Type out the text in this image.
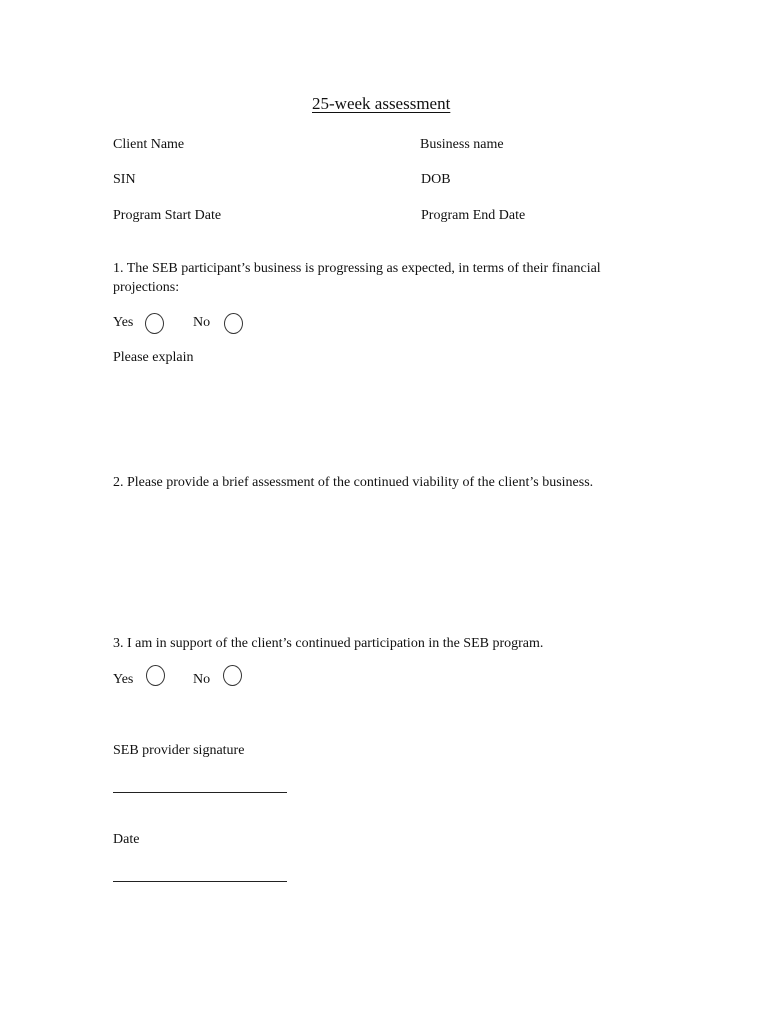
25-week assessment
Client Name	Business name
SIN	DOB
Program Start Date	Program End Date
1. The SEB participant’s business is progressing as expected, in terms of their financial projections:
Yes	No
Please explain
2. Please provide a brief assessment of the continued viability of the client’s business.
3. I am in support of the client’s continued participation in the SEB program.
Yes	No
SEB provider signature
Date
